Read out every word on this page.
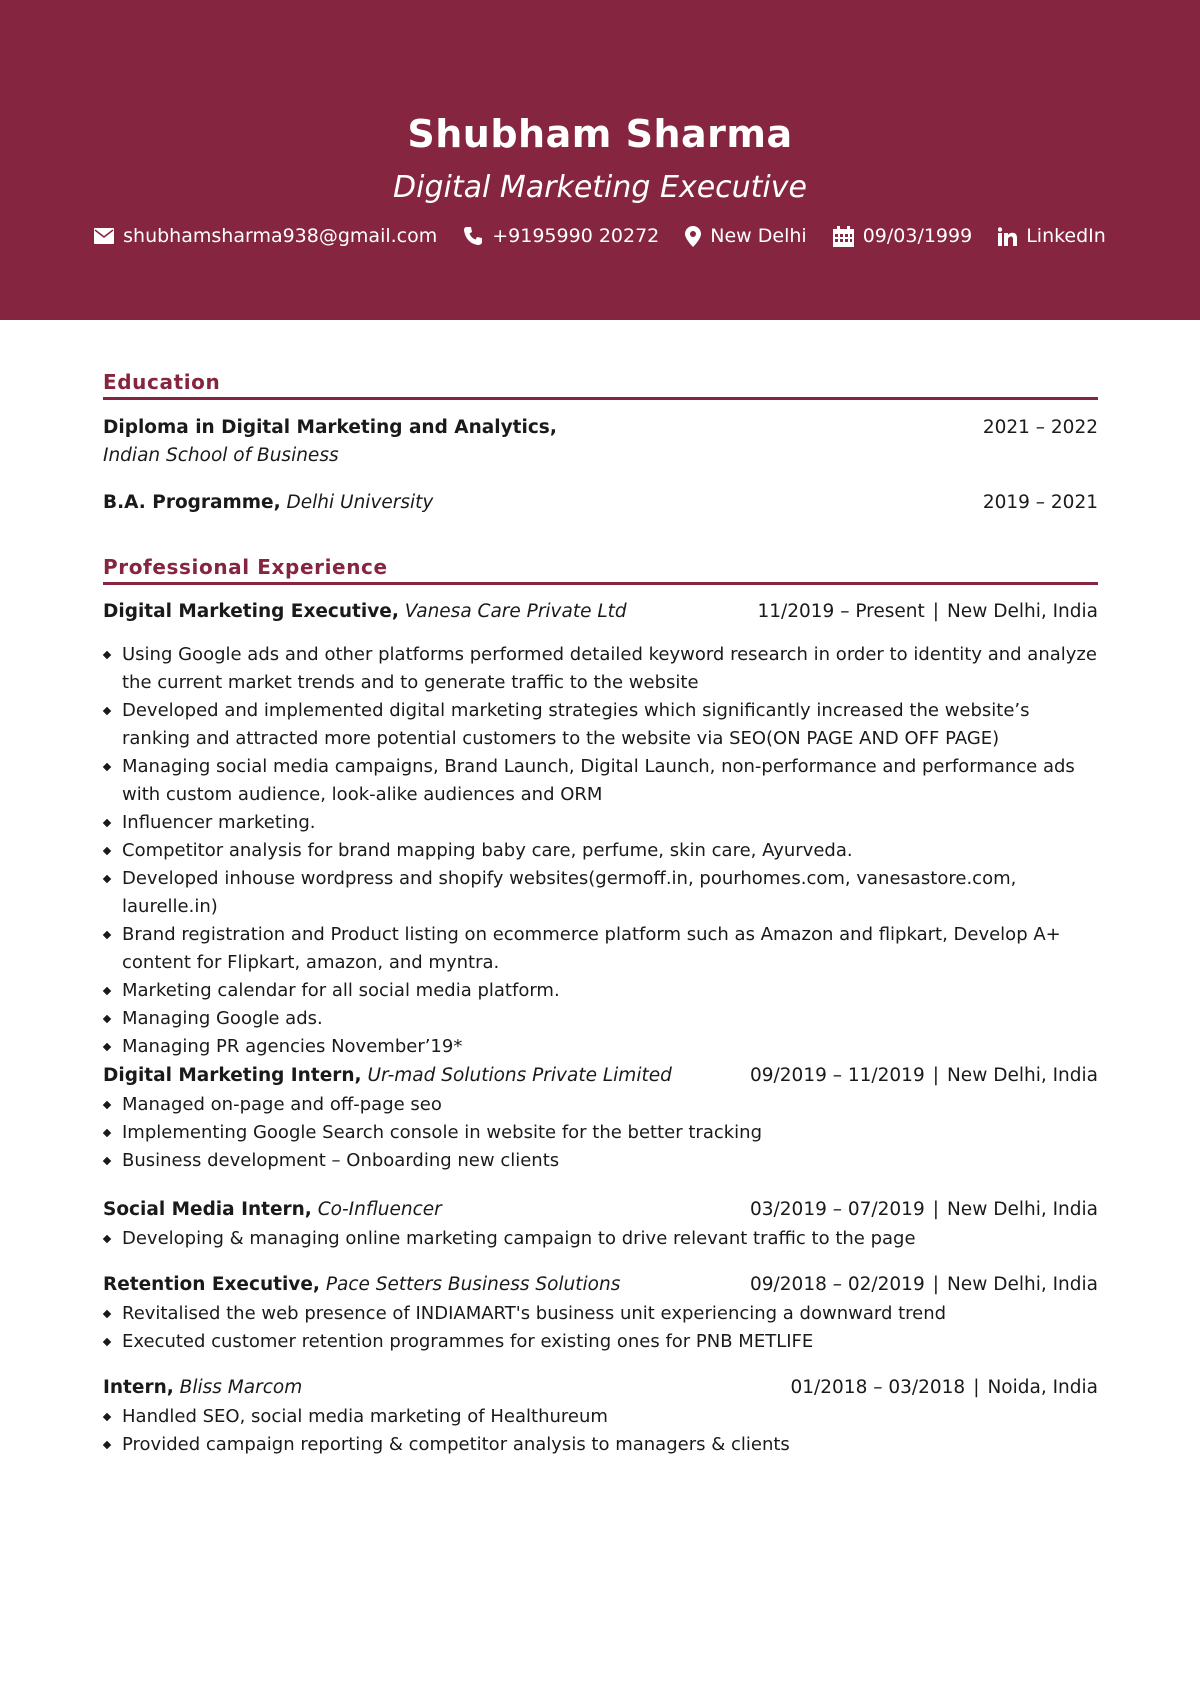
Shubham Sharma
Digital Marketing Executive
shubhamsharma938@gmail.com	+9195990 20272	New Delhi	09/03/1999	LinkedIn
Education
Diploma in Digital Marketing and Analytics,	2021 – 2022
Indian School of Business
B.A. Programme, Delhi University	2019 – 2021
Professional Experience
Digital Marketing Executive, Vanesa Care Private Ltd	11/2019 – Present | New Delhi, India
Using Google ads and other platforms performed detailed keyword research in order to identity and analyze the current market trends and to generate traffic to the website
Developed and implemented digital marketing strategies which significantly increased the website’s ranking and attracted more potential customers to the website via SEO(ON PAGE AND OFF PAGE)
Managing social media campaigns, Brand Launch, Digital Launch, non-performance and performance ads with custom audience, look-alike audiences and ORM
Influencer marketing.
Competitor analysis for brand mapping baby care, perfume, skin care, Ayurveda.
Developed inhouse wordpress and shopify websites(germoff.in, pourhomes.com, vanesastore.com, laurelle.in)
Brand registration and Product listing on ecommerce platform such as Amazon and flipkart, Develop A+ content for Flipkart, amazon, and myntra.
Marketing calendar for all social media platform.
Managing Google ads.
Managing PR agencies November’19*
Digital Marketing Intern, Ur-mad Solutions Private Limited	09/2019 – 11/2019 | New Delhi, India
Managed on-page and off-page seo
Implementing Google Search console in website for the better tracking
Business development – Onboarding new clients
Social Media Intern, Co-Influencer	03/2019 – 07/2019 | New Delhi, India
Developing & managing online marketing campaign to drive relevant traffic to the page
Retention Executive, Pace Setters Business Solutions	09/2018 – 02/2019 | New Delhi, India
Revitalised the web presence of INDIAMART's business unit experiencing a downward trend
Executed customer retention programmes for existing ones for PNB METLIFE
Intern, Bliss Marcom	01/2018 – 03/2018 | Noida, India
Handled SEO, social media marketing of Healthureum
Provided campaign reporting & competitor analysis to managers & clients
